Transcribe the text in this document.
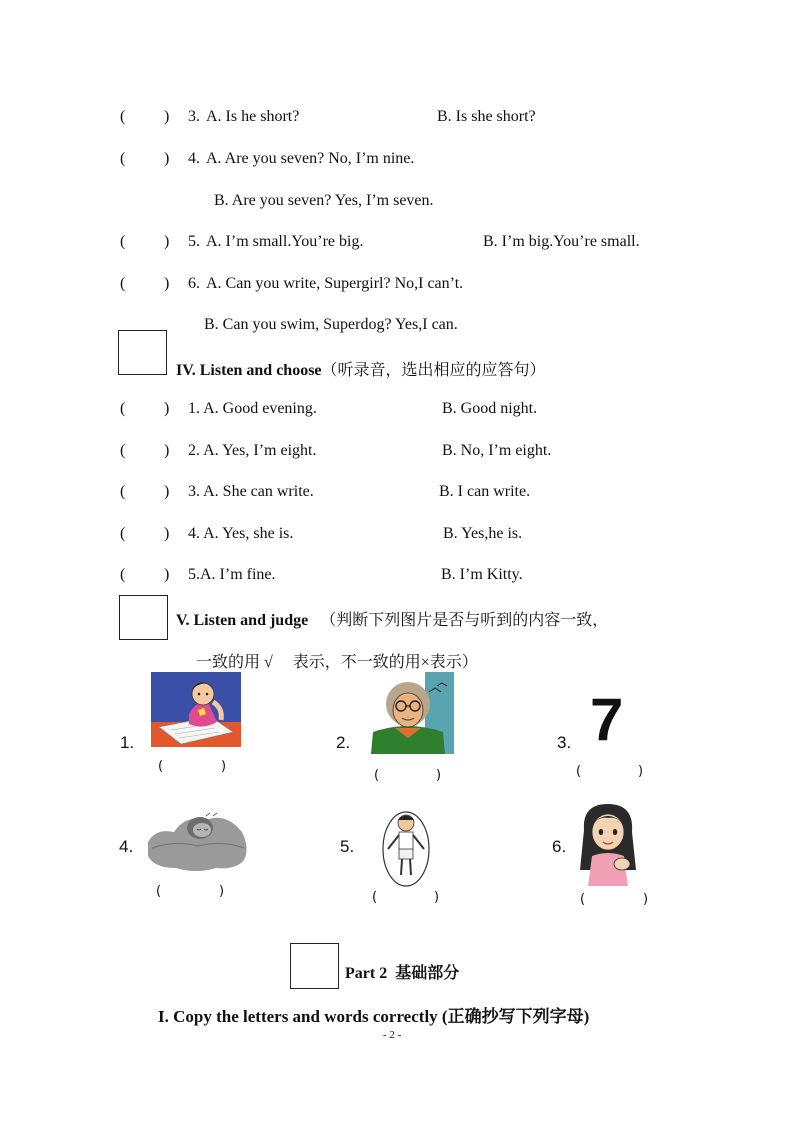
( ) 3. A. Is he short?	B. Is she short?
( ) 4. A. Are you seven? No, I’m nine.
B. Are you seven? Yes, I’m seven.
( ) 5. A. I’m small.You’re big.	B. I’m big.You’re small.
( ) 6. A. Can you write, Supergirl? No,I can’t.
B. Can you swim, Superdog? Yes,I can.
IV. Listen and choose（听录音，选出相应的应答句）
( ) 1. A. Good evening.	B. Good night.
( ) 2. A. Yes, I’m eight.	B. No, I’m eight.
( ) 3. A. She can write.	B. I can write.
( ) 4. A. Yes, she is.	B. Yes,he is.
( ) 5.A. I’m fine.	B. I’m Kitty.
V. Listen and judge （判断下列图片是否与听到的内容一致，
一致的用 √　 表示，不一致的用×表示）
1.
(	)
2.
(	)
3. 7
(	)
4.
(	)
5.
(	)
6.
(	)
Part 2 基础部分
I. Copy the letters and words correctly (正确抄写下列字母)
- 2 -
